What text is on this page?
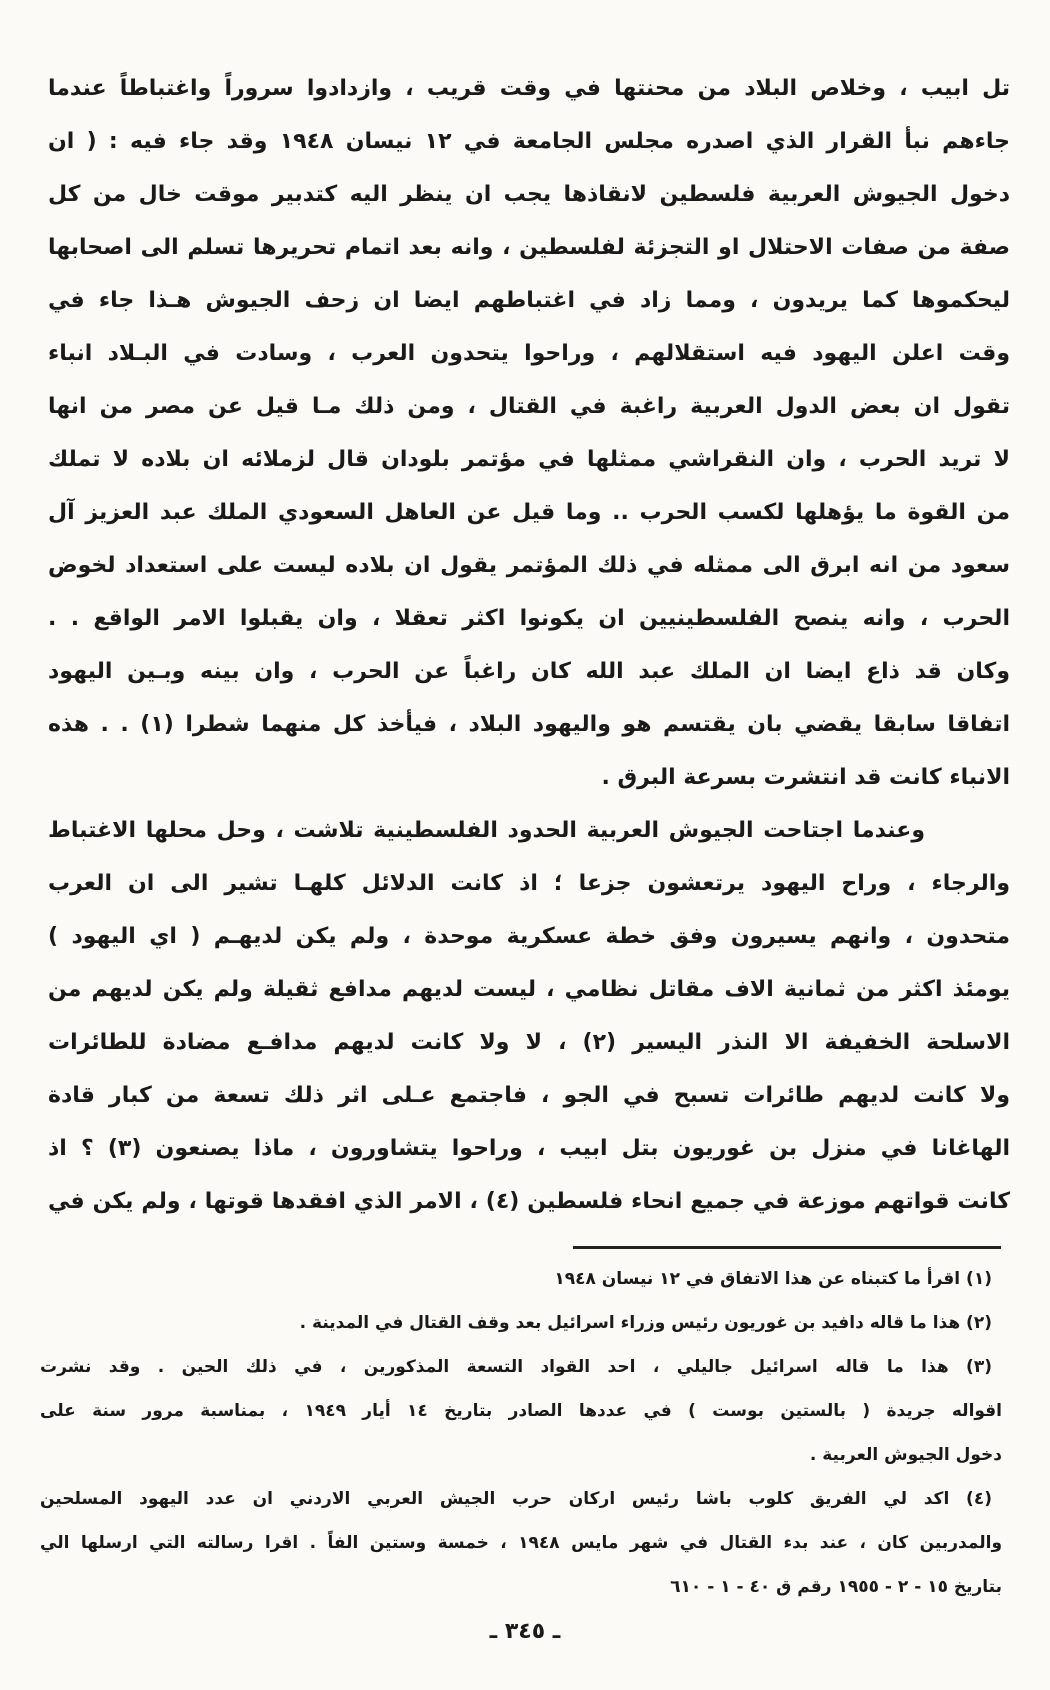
تل ابيب ، وخلاص البلاد من محنتها في وقت قريب ، وازدادوا سروراً واغتباطاً عندما
جاءهم نبأ القرار الذي اصدره مجلس الجامعة في ١٢ نيسان ١٩٤٨ وقد جاء فيه : ( ان
دخول الجيوش العربية فلسطين لانقاذها يجب ان ينظر اليه كتدبير موقت خال من كل
صفة من صفات الاحتلال او التجزئة لفلسطين ، وانه بعد اتمام تحريرها تسلم الى اصحابها
ليحكموها كما يريدون ، ومما زاد في اغتباطهم ايضا ان زحف الجيوش هـذا جاء في
وقت اعلن اليهود فيه استقلالهم ، وراحوا يتحدون العرب ، وسادت في البـلاد انباء
تقول ان بعض الدول العربية راغبة في القتال ، ومن ذلك مـا قيل عن مصر من انها
لا تريد الحرب ، وان النقراشي ممثلها في مؤتمر بلودان قال لزملائه ان بلاده لا تملك
من القوة ما يؤهلها لكسب الحرب .. وما قيل عن العاهل السعودي الملك عبد العزيز آل
سعود من انه ابرق الى ممثله في ذلك المؤتمر يقول ان بلاده ليست على استعداد لخوض
الحرب ، وانه ينصح الفلسطينيين ان يكونوا اكثر تعقلا ، وان يقبلوا الامر الواقع . .
وكان قد ذاع ايضا ان الملك عبد الله كان راغباً عن الحرب ، وان بينه وبـين اليهود
اتفاقا سابقا يقضي بان يقتسم هو واليهود البلاد ، فيأخذ كل منهما شطرا (١) . . هذه
الانباء كانت قد انتشرت بسرعة البرق .
وعندما اجتاحت الجيوش العربية الحدود الفلسطينية تلاشت ، وحل محلها الاغتباط
والرجاء ، وراح اليهود يرتعشون جزعا ؛ اذ كانت الدلائل كلهـا تشير الى ان العرب
متحدون ، وانهم يسيرون وفق خطة عسكرية موحدة ، ولم يكن لديهـم ( اي اليهود )
يومئذ اكثر من ثمانية الاف مقاتل نظامي ، ليست لديهم مدافع ثقيلة ولم يكن لديهم من
الاسلحة الخفيفة الا النذر اليسير (٢) ، لا ولا كانت لديهم مدافـع مضادة للطائرات
ولا كانت لديهم طائرات تسبح في الجو ، فاجتمع عـلى اثر ذلك تسعة من كبار قادة
الهاغانا في منزل بن غوريون بتل ابيب ، وراحوا يتشاورون ، ماذا يصنعون (٣) ؟ اذ
كانت قواتهم موزعة في جميع انحاء فلسطين (٤) ، الامر الذي افقدها قوتها ، ولم يكن في
(١) اقرأ ما كتبناه عن هذا الاتفاق في ١٢ نيسان ١٩٤٨
(٢) هذا ما قاله دافيد بن غوريون رئيس وزراء اسرائيل بعد وقف القتال في المدينة .
(٣) هذا ما قاله اسرائيل جاليلي ، احد القواد التسعة المذكورين ، في ذلك الحين . وقد نشرت
اقواله جريدة ( بالستين بوست ) في عددها الصادر بتاريخ ١٤ أيار ١٩٤٩ ، بمناسبة مرور سنة على
دخول الجيوش العربية .
(٤) اكد لي الفريق كلوب باشا رئيس اركان حرب الجيش العربي الاردني ان عدد اليهود المسلحين
والمدربين كان ، عند بدء القتال في شهر مايس ١٩٤٨ ، خمسة وستين الفاً . اقرا رسالته التي ارسلها الي
بتاريخ ١٥ - ٢ - ١٩٥٥ رقم ق ٤٠ - ١ - ٦١٠
ـ ٣٤٥ ـ
